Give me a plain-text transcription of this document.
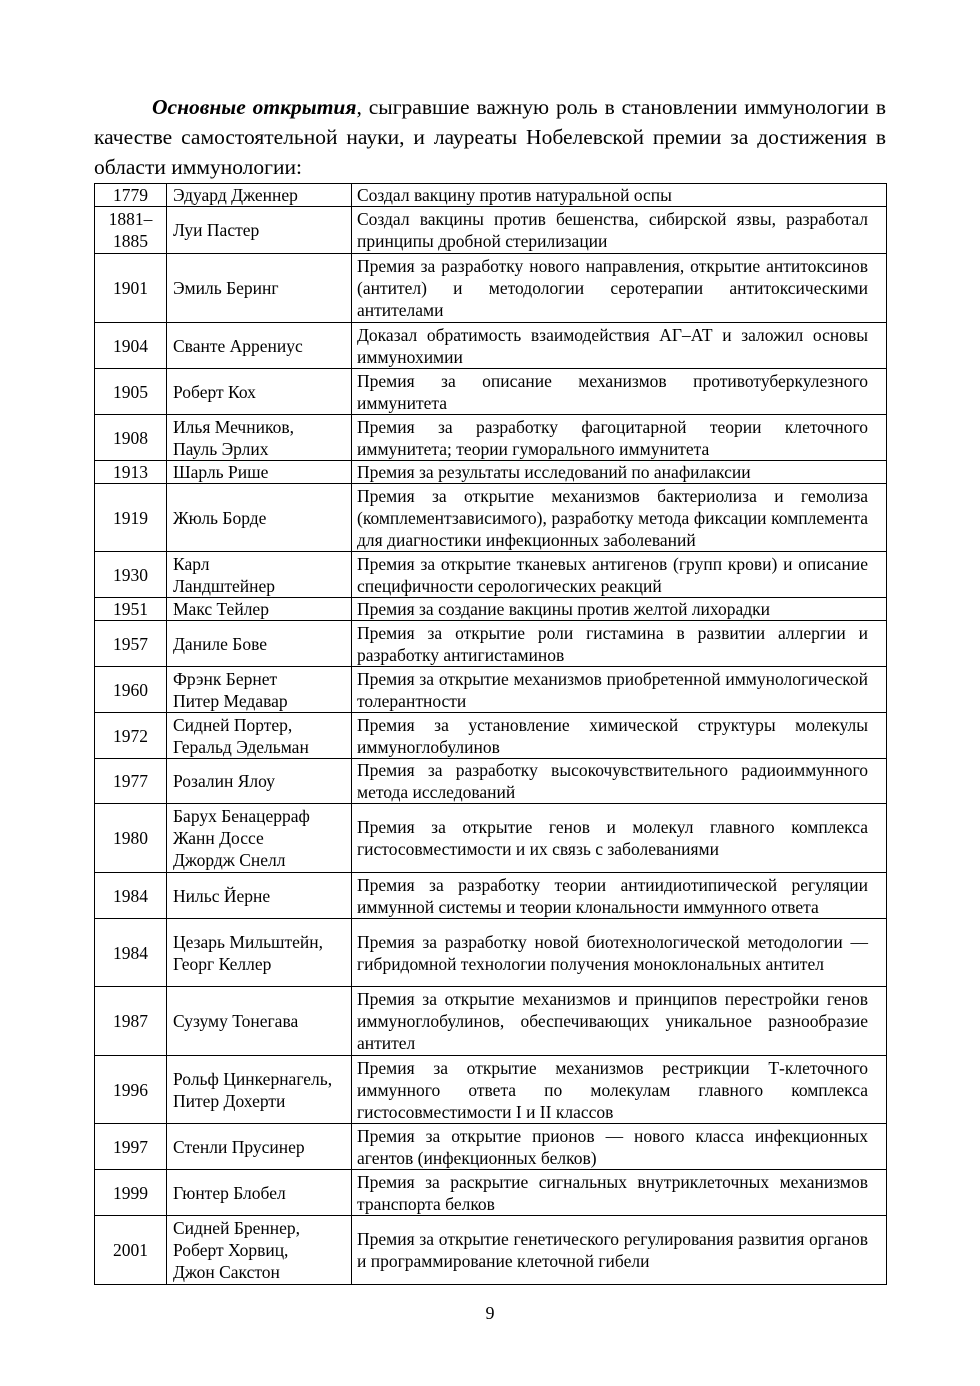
Основные открытия, сыгравшие важную роль в становлении иммунологии в качестве самостоятельной науки, и лауреаты Нобелевской премии за достижения в области иммунологии:

1779	Эдуард Дженнер	Создал вакцину против натуральной оспы
1881–
1885	Луи Пастер	Создал вакцины против бешенства, сибирской язвы, разработал принципы дробной стерилизации
1901	Эмиль Беринг	Премия за разработку нового направления, открытие антитоксинов (антител) и методологии серотерапии антитоксическими антителами
1904	Сванте Аррениус	Доказал обратимость взаимодействия АГ–АТ и заложил основы иммунохимии
1905	Роберт Кох	Премия за описание механизмов противотуберкулезного иммунитета
1908	Илья Мечников,
Пауль Эрлих	Премия за разработку фагоцитарной теории клеточного иммунитета; теории гуморального иммунитета
1913	Шарль Рише	Премия за результаты исследований по анафилаксии
1919	Жюль Борде	Премия за открытие механизмов бактериолиза и гемолиза (комплементзависимого), разработку метода фиксации комплемента для диагностики инфекционных заболеваний
1930	Карл
Ландштейнер	Премия за открытие тканевых антигенов (групп крови) и описание специфичности серологических реакций
1951	Макс Тейлер	Премия за создание вакцины против желтой лихорадки
1957	Даниле Бове	Премия за открытие роли гистамина в развитии аллергии и разработку антигистаминов
1960	Фрэнк Бернет
Питер Медавар	Премия за открытие механизмов приобретенной иммунологической толерантности
1972	Сидней Портер,
Геральд Эдельман	Премия за установление химической структуры молекулы иммуноглобулинов
1977	Розалин Ялоу	Премия за разработку высокочувствительного радиоиммунного метода исследований
1980	Барух Бенацерраф
Жанн Доссе
Джордж Снелл	Премия за открытие генов и молекул главного комплекса гистосовместимости и их связь с заболеваниями
1984	Нильс Йерне	Премия за разработку теории антиидиотипической регуляции иммунной системы и теории клональности иммунного ответа
1984	Цезарь Мильштейн,
Георг Келлер	Премия за разработку новой биотехнологической методологии — гибридомной технологии получения моноклональных антител
1987	Сузуму Тонегава	Премия за открытие механизмов и принципов перестройки генов иммуноглобулинов, обеспечивающих уникальное разнообразие антител
1996	Рольф Цинкернагель,
Питер Дохерти	Премия за открытие механизмов рестрикции Т-клеточного иммунного ответа по молекулам главного комплекса гистосовместимости I и II классов
1997	Стенли Прусинер	Премия за открытие прионов — нового класса инфекционных агентов (инфекционных белков)
1999	Гюнтер Блобел	Премия за раскрытие сигнальных внутриклеточных механизмов транспорта белков
2001	Сидней Бреннер,
Роберт Хорвиц,
Джон Сакстон	Премия за открытие генетического регулирования развития органов и программирование клеточной гибели
9
